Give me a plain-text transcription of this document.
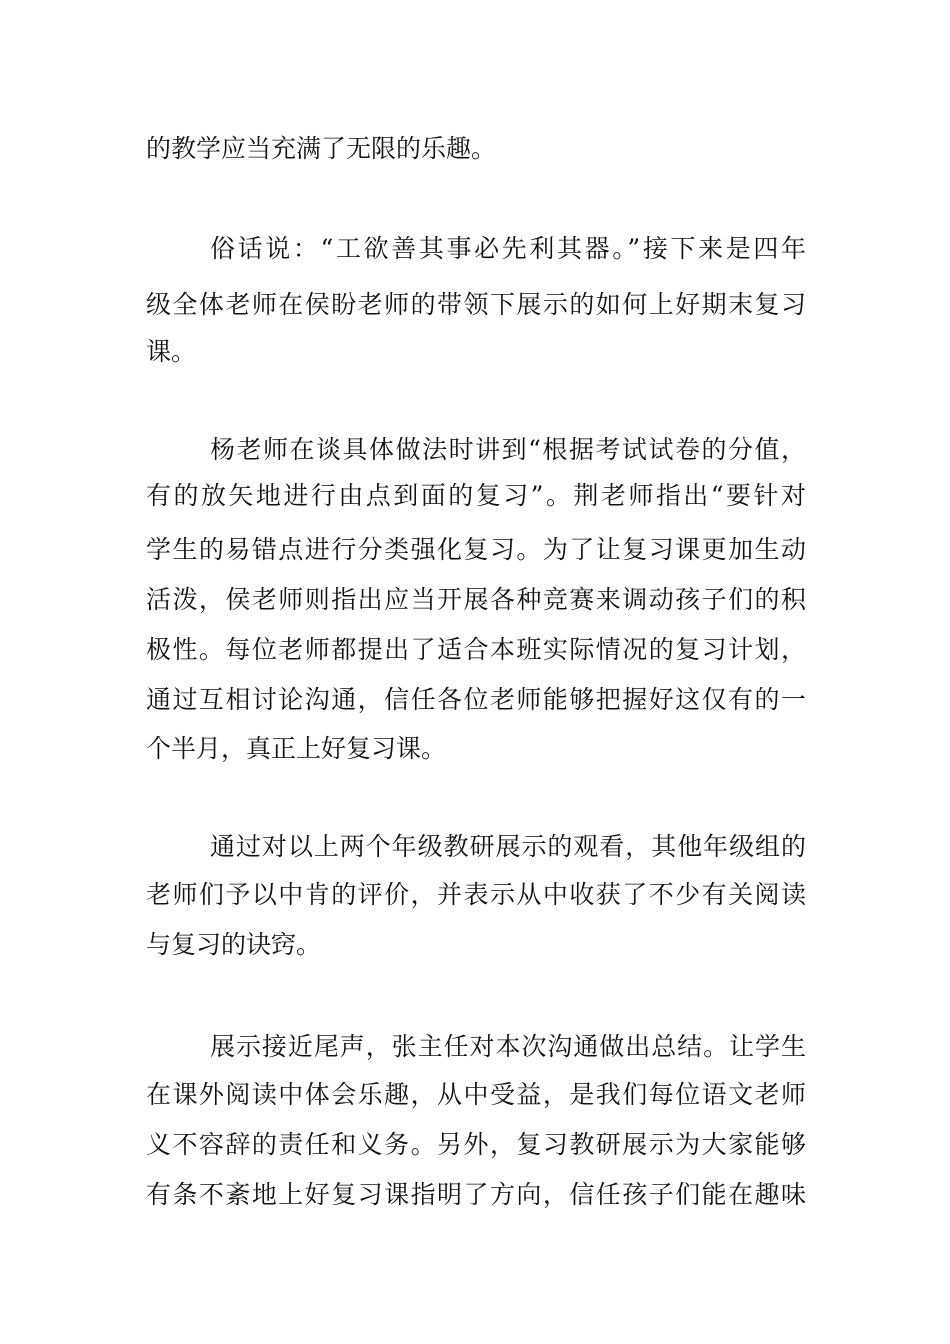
的教学应当充满了无限的乐趣。
俗话说：“工欲善其事必先利其器。”接下来是四年
级全体老师在侯盼老师的带领下展示的如何上好期末复习
课。
杨老师在谈具体做法时讲到“根据考试试卷的分值，
有的放矢地进行由点到面的复习”。荆老师指出“要针对
学生的易错点进行分类强化复习。为了让复习课更加生动
活泼，侯老师则指出应当开展各种竞赛来调动孩子们的积
极性。每位老师都提出了适合本班实际情况的复习计划，
通过互相讨论沟通，信任各位老师能够把握好这仅有的一
个半月，真正上好复习课。
通过对以上两个年级教研展示的观看，其他年级组的
老师们予以中肯的评价，并表示从中收获了不少有关阅读
与复习的诀窍。
展示接近尾声，张主任对本次沟通做出总结。让学生
在课外阅读中体会乐趣，从中受益，是我们每位语文老师
义不容辞的责任和义务。另外，复习教研展示为大家能够
有条不紊地上好复习课指明了方向，信任孩子们能在趣味
